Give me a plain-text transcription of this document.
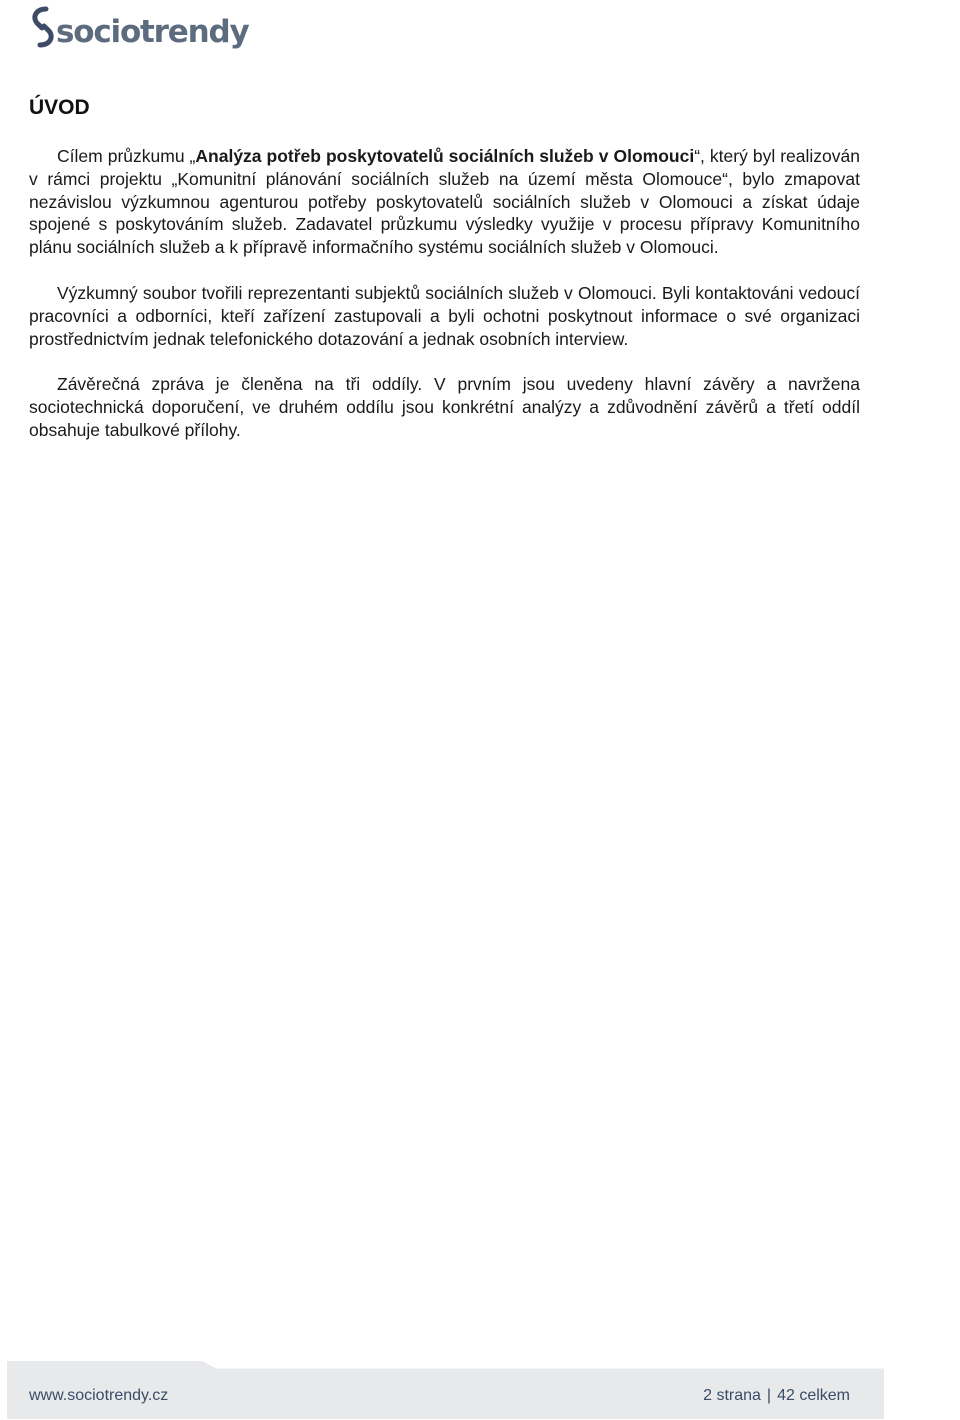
sociotrendy
ÚVOD

Cílem průzkumu „Analýza potřeb poskytovatelů sociálních služeb v Olomouci“, který byl realizován v rámci projektu „Komunitní plánování sociálních služeb na území města Olomouce“, bylo zmapovat nezávislou výzkumnou agenturou potřeby poskytovatelů sociálních služeb v Olomouci a získat údaje spojené s poskytováním služeb. Zadavatel průzkumu výsledky využije v procesu přípravy Komunitního plánu sociálních služeb a k přípravě informačního systému sociálních služeb v Olomouci.

Výzkumný soubor tvořili reprezentanti subjektů sociálních služeb v Olomouci. Byli kontaktováni vedoucí pracovníci a odborníci, kteří zařízení zastupovali a byli ochotni poskytnout informace o své organizaci prostřednictvím jednak telefonického dotazování a jednak osobních interview.

Závěrečná zpráva je členěna na tři oddíly. V prvním jsou uvedeny hlavní závěry a navržena sociotechnická doporučení, ve druhém oddílu jsou konkrétní analýzy a zdůvodnění závěrů a třetí oddíl obsahuje tabulkové přílohy.

www.sociotrendy.cz	2 strana | 42 celkem
